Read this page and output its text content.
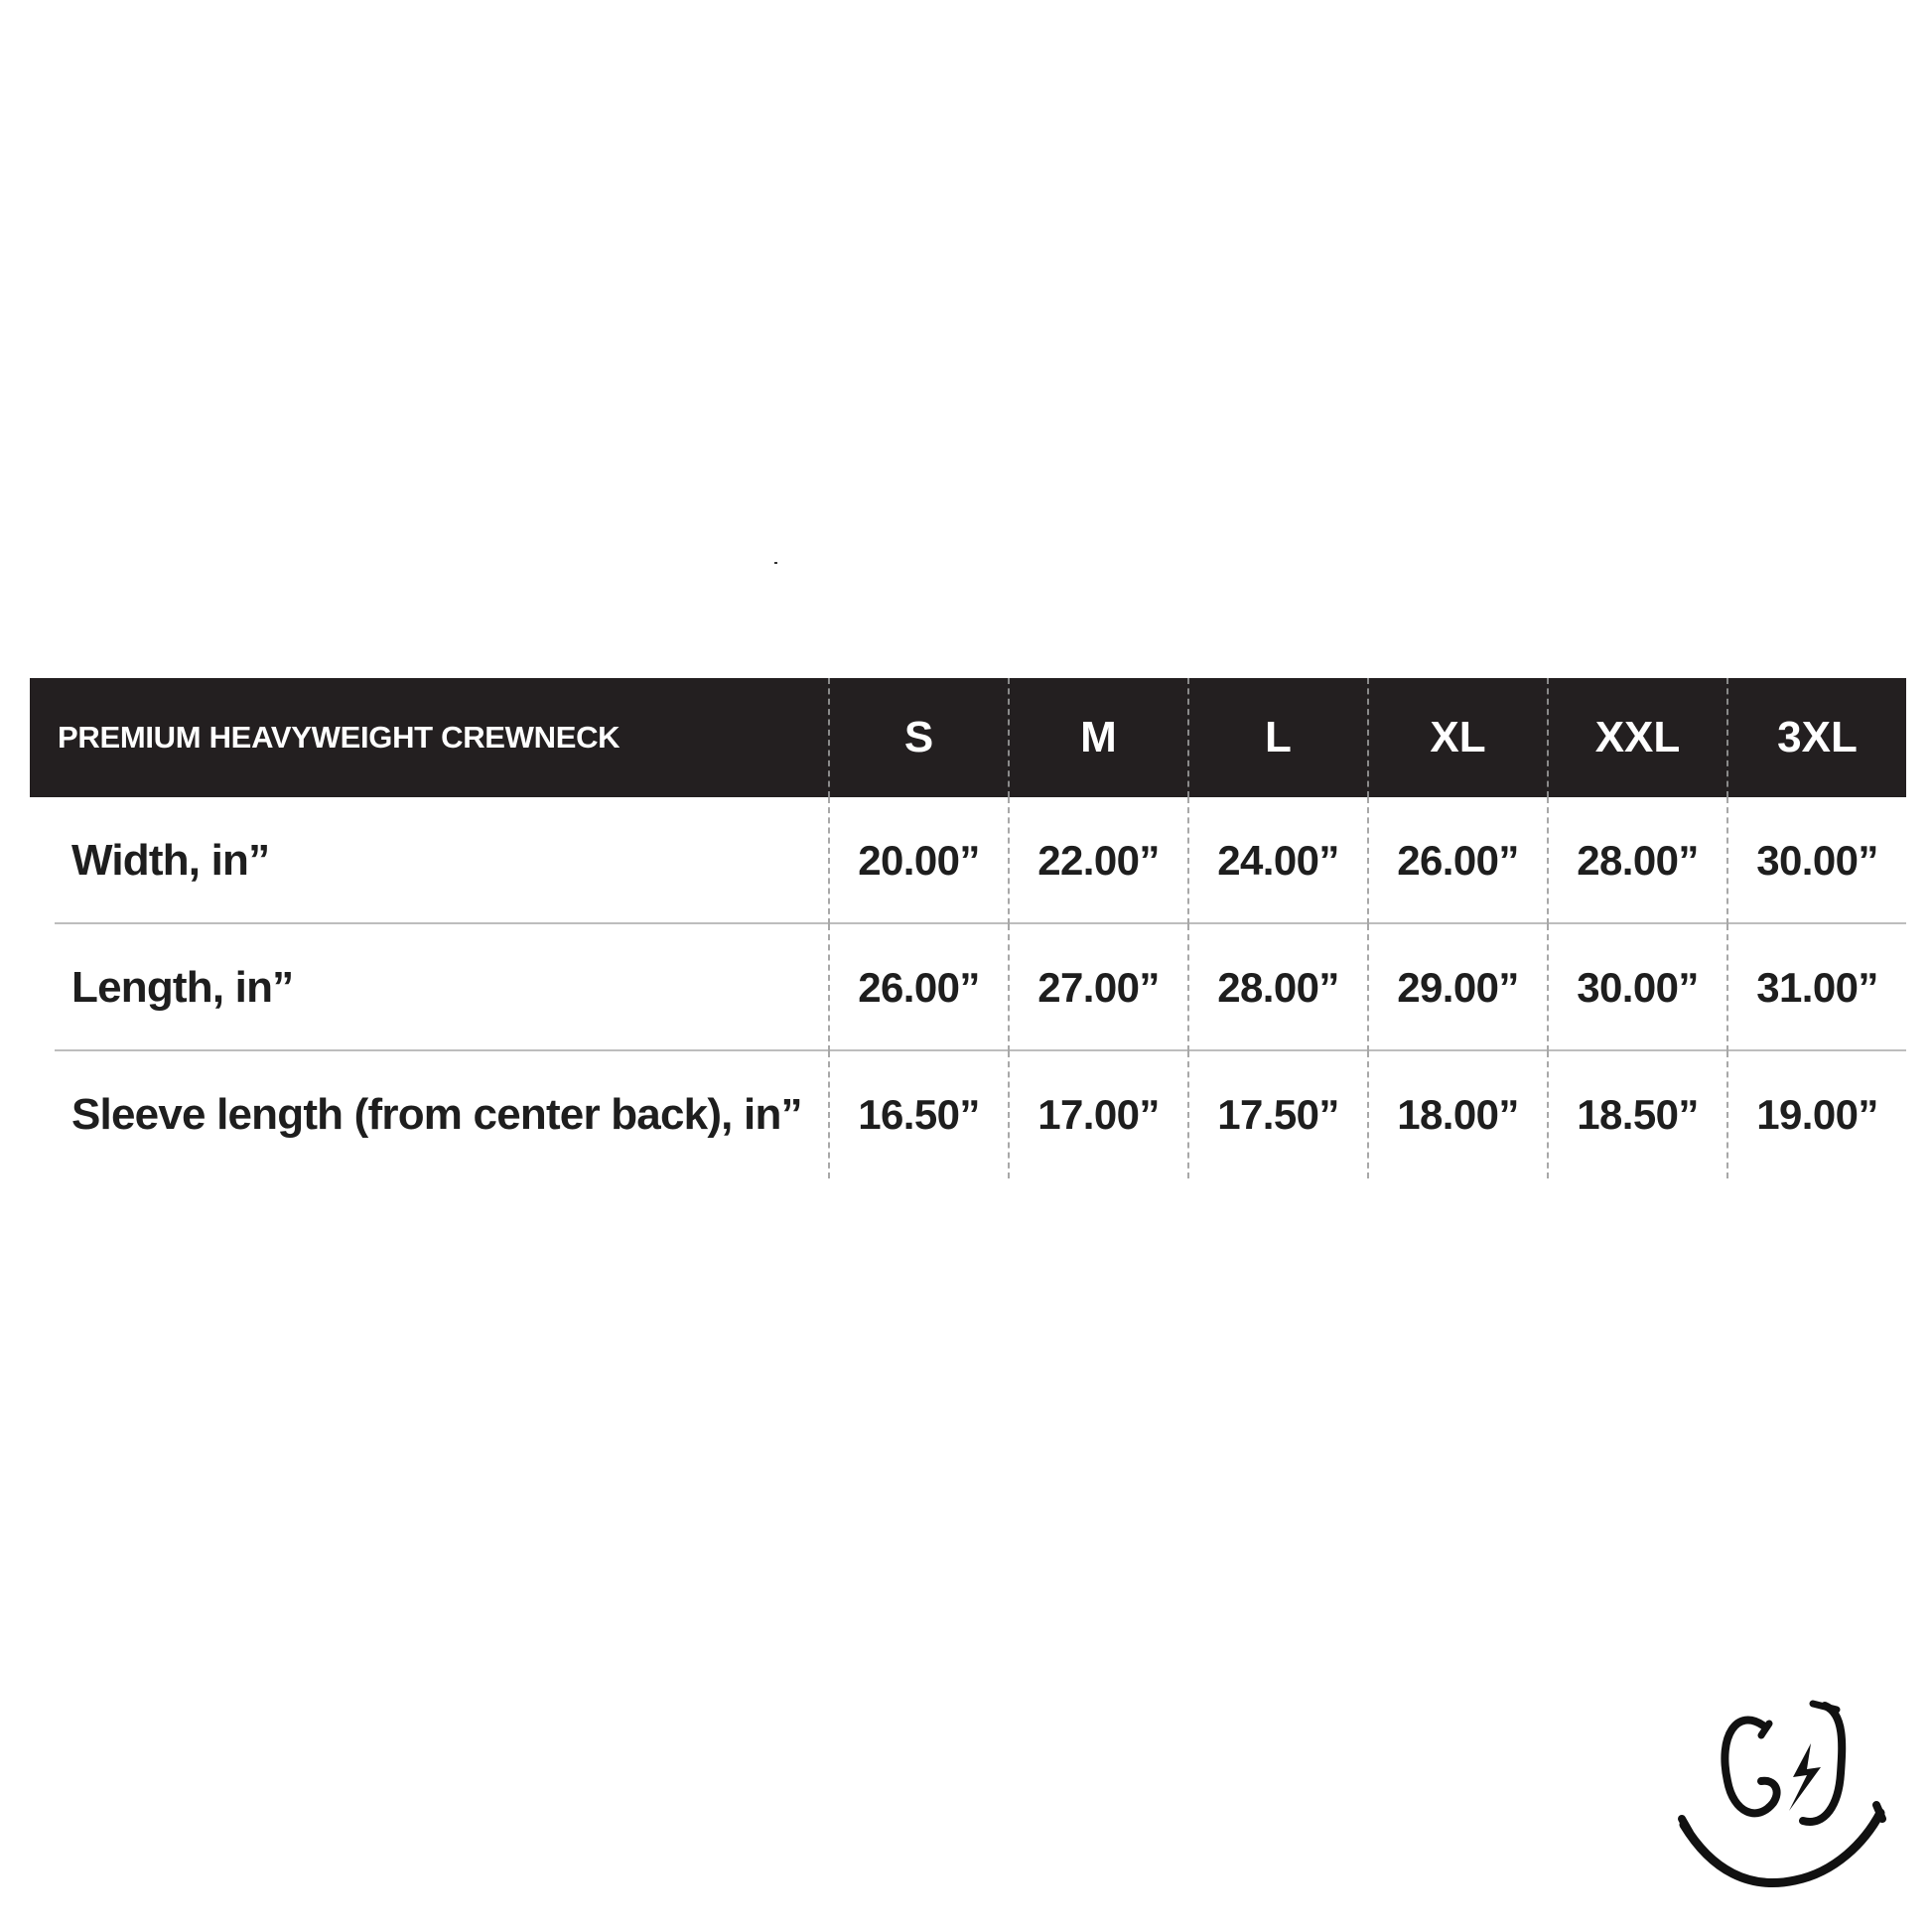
PREMIUM HEAVYWEIGHT CREWNECK	S	M	L	XL	XXL	3XL
Width, in”	20.00”	22.00”	24.00”	26.00”	28.00”	30.00”
Length, in”	26.00”	27.00”	28.00”	29.00”	30.00”	31.00”
Sleeve length (from center back), in”	16.50”	17.00”	17.50”	18.00”	18.50”	19.00”
